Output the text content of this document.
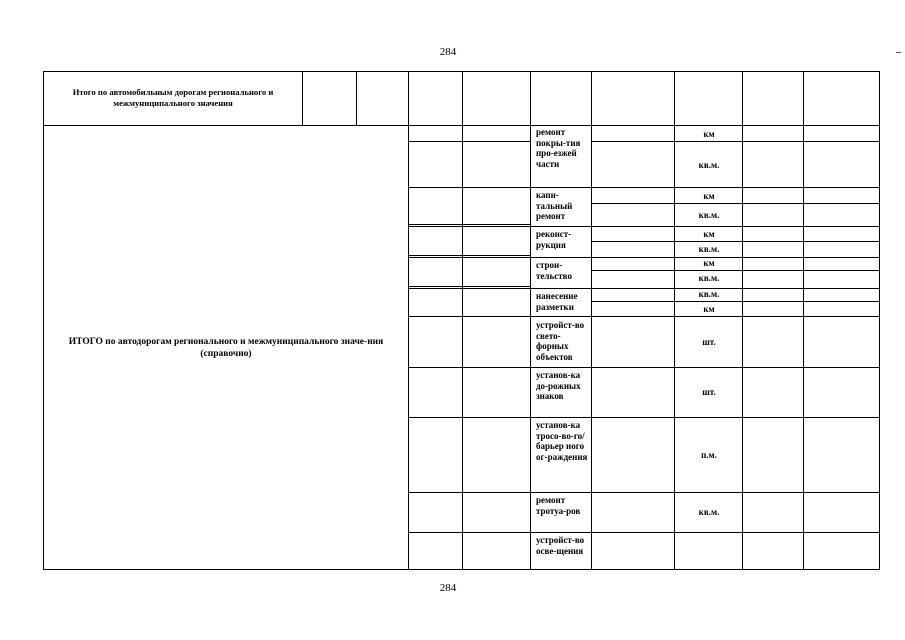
284
Итого по автомобильным дорогам регионального и межмуниципального значения
ИТОГО по автодорогам регионального и межмуниципального значе-ния (справочно)
ремонт покры-тия про-езжей части
капи-тальный ремонт
реконст-рукция
строи-тельство
нанесение разметки
устройст-во свето-форных объектов
установ-ка до-рожных знаков
установ-ка тросо-во-го/барьер ного ог-раждения
ремонт тротуа-ров
устройст-во осве-щения
км
кв.м.
км
кв.м.
км
кв.м.
км
кв.м.
кв.м.
км
шт.
шт.
п.м.
кв.м.
284
